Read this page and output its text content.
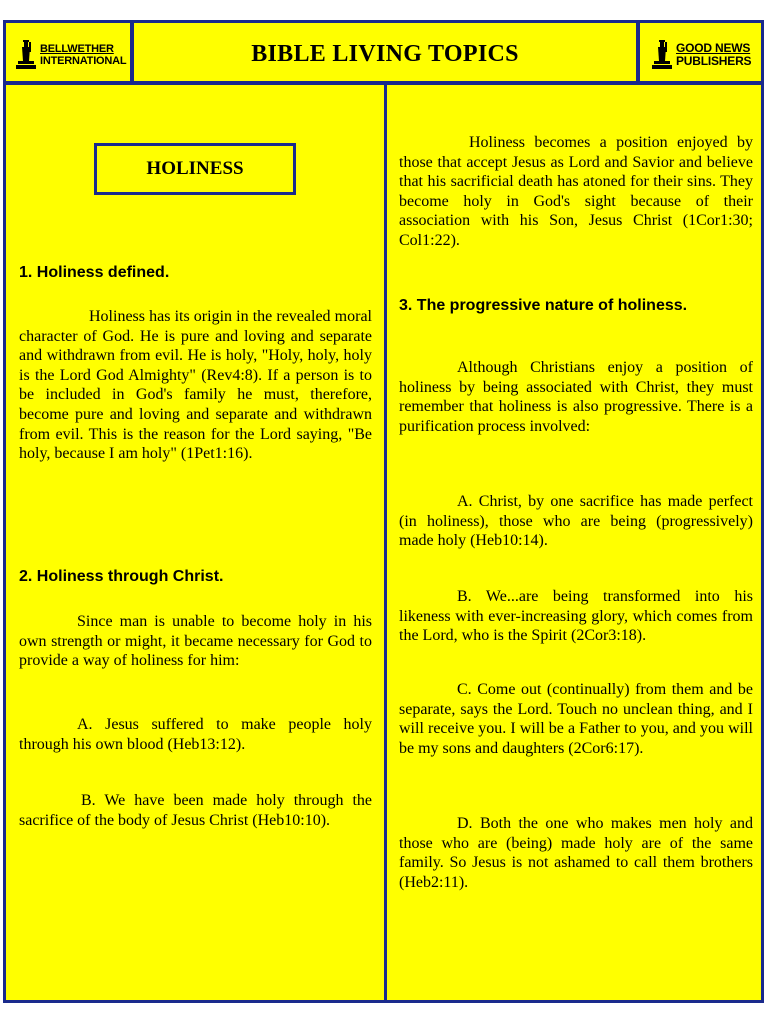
BELLWETHER
INTERNATIONAL	BIBLE LIVING TOPICS	GOOD NEWS
PUBLISHERS
HOLINESS
1. Holiness defined.
Holiness has its origin in the revealed moral character of God. He is pure and loving and separate and withdrawn from evil. He is holy, "Holy, holy, holy is the Lord God Almighty" (Rev4:8). If a person is to be included in God's family he must, therefore, become pure and loving and separate and withdrawn from evil. This is the reason for the Lord saying, "Be holy, because I am holy" (1Pet1:16).
2. Holiness through Christ.
Since man is unable to become holy in his own strength or might, it became necessary for God to provide a way of holiness for him:
A. Jesus suffered to make people holy through his own blood (Heb13:12).
B. We have been made holy through the sacrifice of the body of Jesus Christ (Heb10:10).
Holiness becomes a position enjoyed by those that accept Jesus as Lord and Savior and believe that his sacrificial death has atoned for their sins. They become holy in God's sight because of their association with his Son, Jesus Christ (1Cor1:30; Col1:22).
3. The progressive nature of holiness.
Although Christians enjoy a position of holiness by being associated with Christ, they must remember that holiness is also progressive. There is a purification process involved:
A. Christ, by one sacrifice has made perfect (in holiness), those who are being (progressively) made holy (Heb10:14).
B. We...are being transformed into his likeness with ever-increasing glory, which comes from the Lord, who is the Spirit (2Cor3:18).
C. Come out (continually) from them and be separate, says the Lord. Touch no unclean thing, and I will receive you. I will be a Father to you, and you will be my sons and daughters (2Cor6:17).
D. Both the one who makes men holy and those who are (being) made holy are of the same family. So Jesus is not ashamed to call them brothers (Heb2:11).
